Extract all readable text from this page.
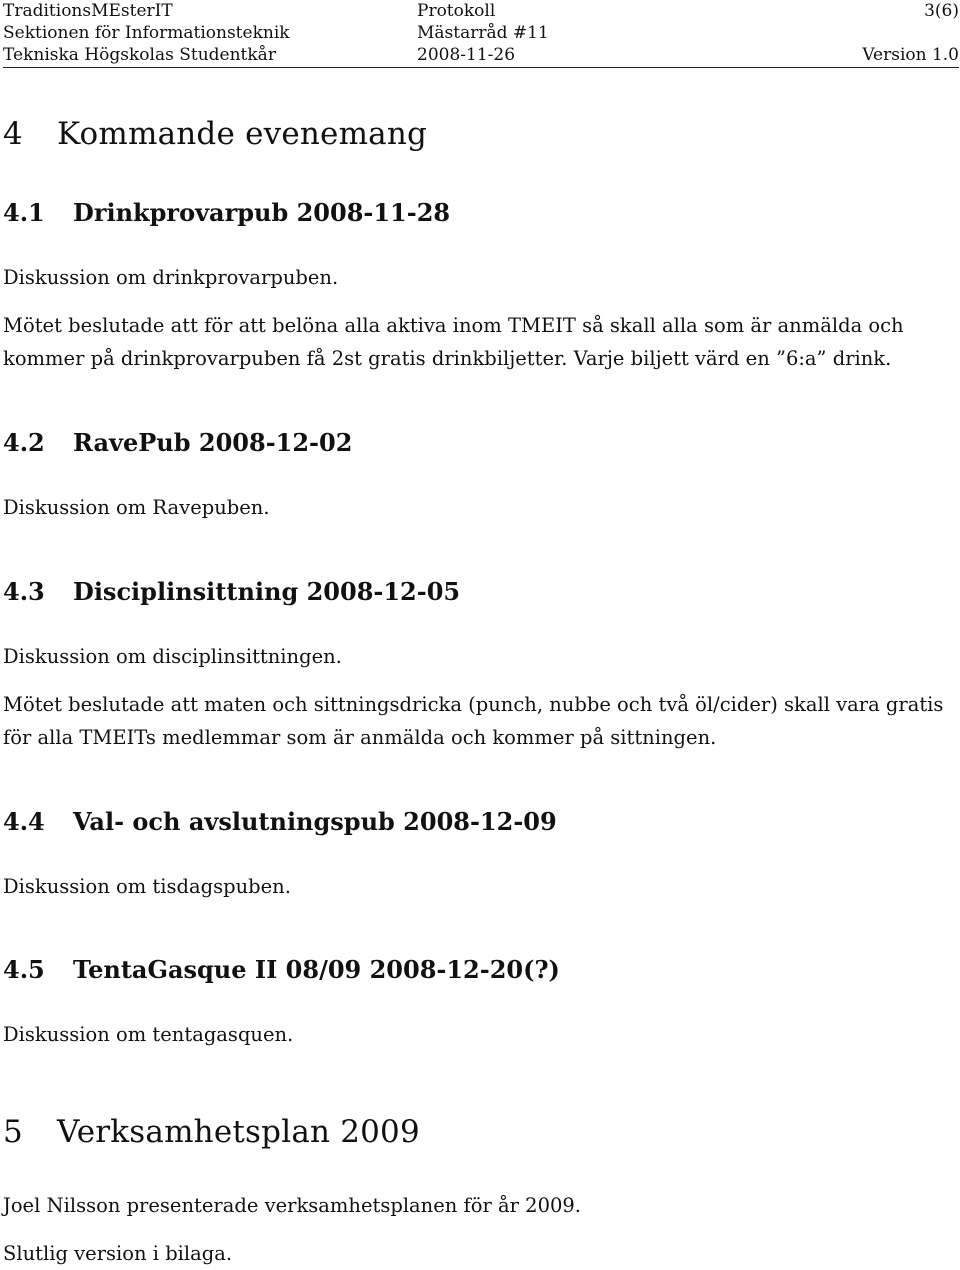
TraditionsMEsterIT	Protokoll	3(6)
Sektionen för Informationsteknik	Mästarråd #11
Tekniska Högskolas Studentkår	2008-11-26	Version 1.0
4 Kommande evenemang
4.1 Drinkprovarpub 2008-11-28

Diskussion om drinkprovarpuben.

Mötet beslutade att för att belöna alla aktiva inom TMEIT så skall alla som är anmälda och

kommer på drinkprovarpuben få 2st gratis drinkbiljetter. Varje biljett värd en ”6:a” drink.

4.2 RavePub 2008-12-02

Diskussion om Ravepuben.

4.3 Disciplinsittning 2008-12-05

Diskussion om disciplinsittningen.

Mötet beslutade att maten och sittningsdricka (punch, nubbe och två öl/cider) skall vara gratis

för alla TMEITs medlemmar som är anmälda och kommer på sittningen.

4.4 Val- och avslutningspub 2008-12-09

Diskussion om tisdagspuben.

4.5 TentaGasque II 08/09 2008-12-20(?)

Diskussion om tentagasquen.

5 Verksamhetsplan 2009

Joel Nilsson presenterade verksamhetsplanen för år 2009.

Slutlig version i bilaga.
